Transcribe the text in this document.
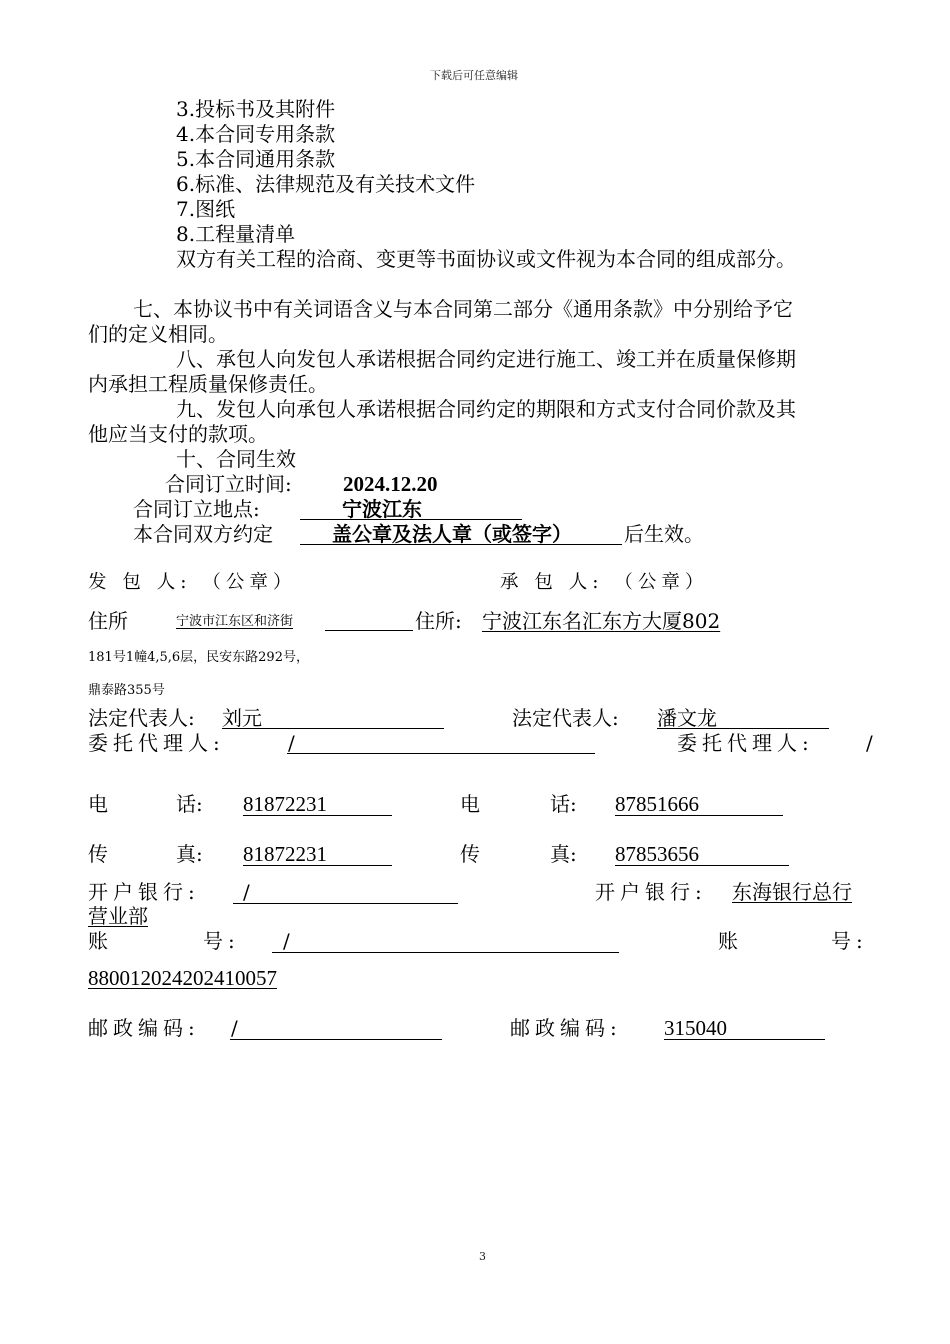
下载后可任意编辑
3.投标书及其附件
4.本合同专用条款
5.本合同通用条款
6.标准、法律规范及有关技术文件
7.图纸
8.工程量清单
双方有关工程的洽商、变更等书面协议或文件视为本合同的组成部分。
七、本协议书中有关词语含义与本合同第二部分《通用条款》中分别给予它
们的定义相同。
八、承包人向发包人承诺根据合同约定进行施工、竣工并在质量保修期
内承担工程质量保修责任。
九、发包人向承包人承诺根据合同约定的期限和方式支付合同价款及其
他应当支付的款项。
十、合同生效
合同订立时间: 2024.12.20
合同订立地点:	宁波江东
本合同双方约定	盖公章及法人章（或签字）	后生效。
发 包 人: （公章）	承 包 人: （公章）
住所	宁波市江东区和济街	住所: 宁波江东名汇东方大厦802
181号1幢4,5,6层，民安东路292号，
鼎泰路355号
法定代表人: 刘元	法定代表人: 潘文龙
委托代理人:	/	委托代理人:	/
电	话: 81872231	电	话: 87851666
传	真: 81872231	传	真: 87853656
开户银行: /	开户银行: 东海银行总行
营业部
账	号: /	账	号:
880012024202410057
邮政编码: /	邮政编码: 315040
3
